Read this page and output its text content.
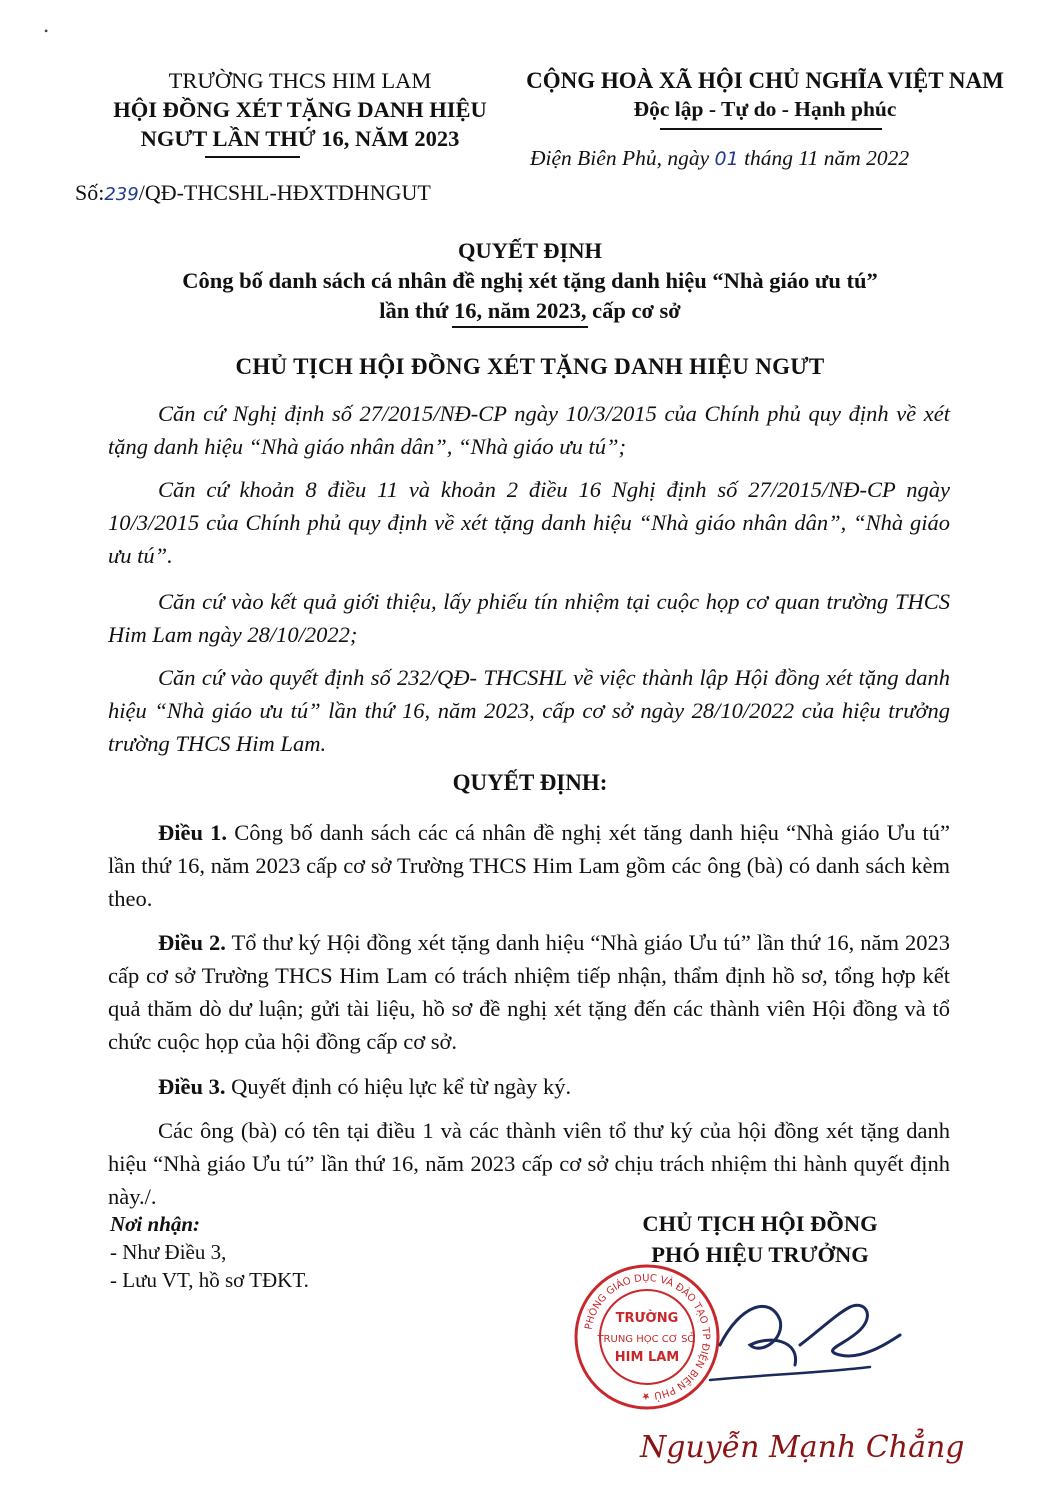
•
TRƯỜNG THCS HIM LAM
HỘI ĐỒNG XÉT TẶNG DANH HIỆU
NGƯT LẦN THỨ 16, NĂM 2023
Số:239/QĐ-THCSHL-HĐXTDHNGUT
CỘNG HOÀ XÃ HỘI CHỦ NGHĨA VIỆT NAM
Độc lập - Tự do - Hạnh phúc
Điện Biên Phủ, ngày 01 tháng 11 năm 2022
QUYẾT ĐỊNH
Công bố danh sách cá nhân đề nghị xét tặng danh hiệu “Nhà giáo ưu tú”
lần thứ 16, năm 2023, cấp cơ sở
CHỦ TỊCH HỘI ĐỒNG XÉT TẶNG DANH HIỆU NGƯT
Căn cứ Nghị định số 27/2015/NĐ-CP ngày 10/3/2015 của Chính phủ quy định về xét tặng danh hiệu “Nhà giáo nhân dân”, “Nhà giáo ưu tú”;
Căn cứ khoản 8 điều 11 và khoản 2 điều 16 Nghị định số 27/2015/NĐ-CP ngày 10/3/2015 của Chính phủ quy định về xét tặng danh hiệu “Nhà giáo nhân dân”, “Nhà giáo ưu tú”.
Căn cứ vào kết quả giới thiệu, lấy phiếu tín nhiệm tại cuộc họp cơ quan trường THCS Him Lam ngày 28/10/2022;
Căn cứ vào quyết định số 232/QĐ- THCSHL về việc thành lập Hội đồng xét tặng danh hiệu “Nhà giáo ưu tú” lần thứ 16, năm 2023, cấp cơ sở ngày 28/10/2022 của hiệu trưởng trường THCS Him Lam.
QUYẾT ĐỊNH:
Điều 1. Công bố danh sách các cá nhân đề nghị xét tăng danh hiệu “Nhà giáo Ưu tú” lần thứ 16, năm 2023 cấp cơ sở Trường THCS Him Lam gồm các ông (bà) có danh sách kèm theo.
Điều 2. Tổ thư ký Hội đồng xét tặng danh hiệu “Nhà giáo Ưu tú” lần thứ 16, năm 2023 cấp cơ sở Trường THCS Him Lam có trách nhiệm tiếp nhận, thẩm định hồ sơ, tổng hợp kết quả thăm dò dư luận; gửi tài liệu, hồ sơ đề nghị xét tặng đến các thành viên Hội đồng và tổ chức cuộc họp của hội đồng cấp cơ sở.
Điều 3. Quyết định có hiệu lực kể từ ngày ký.
Các ông (bà) có tên tại điều 1 và các thành viên tổ thư ký của hội đồng xét tặng danh hiệu “Nhà giáo Ưu tú” lần thứ 16, năm 2023 cấp cơ sở chịu trách nhiệm thi hành quyết định này./.
Nơi nhận:
- Như Điều 3,
- Lưu VT, hồ sơ TĐKT.
CHỦ TỊCH HỘI ĐỒNG
PHÓ HIỆU TRƯỞNG
PHÒNG GIÁO DỤC VÀ ĐÀO TẠO TP ĐIỆN BIÊN PHỦ ★
TRƯỜNG
TRUNG HỌC CƠ SỞ
HIM LAM
Nguyễn Mạnh Chẳng
